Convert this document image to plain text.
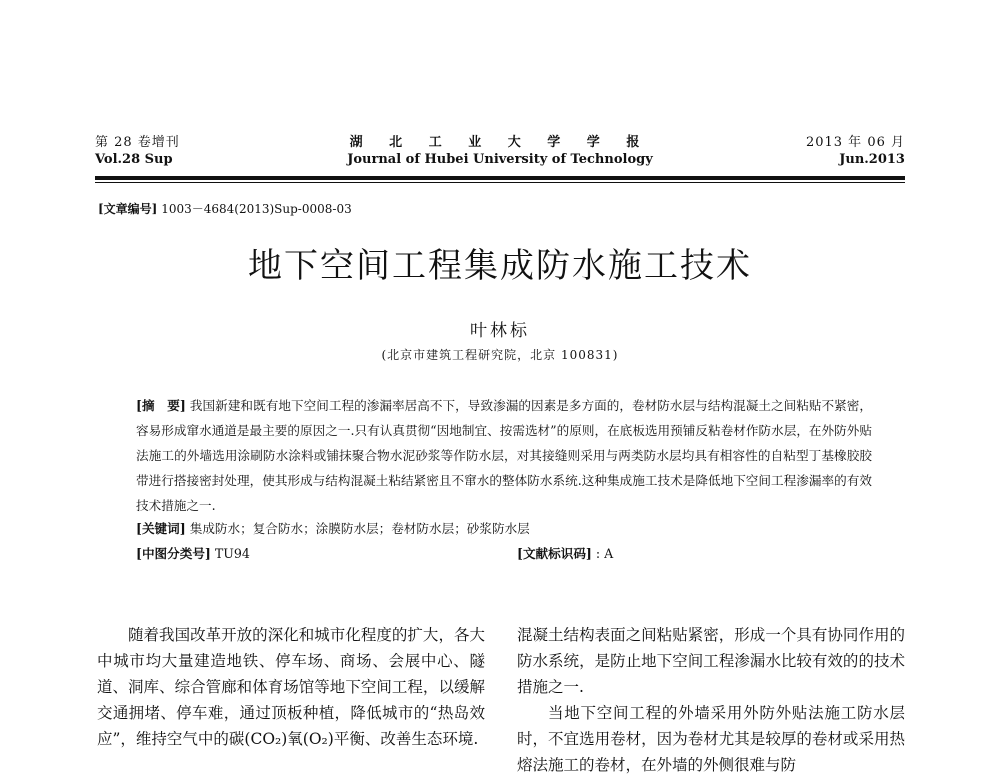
第 28 卷增刊	湖 北 工 业 大 学 学 报	2013 年 06 月
Vol.28 Sup	Journal of Hubei University of Technology	Jun.2013
[文章编号] 1003－4684(2013)Sup-0008-03
地下空间工程集成防水施工技术
叶林标
(北京市建筑工程研究院，北京 100831)
[摘　要] 我国新建和既有地下空间工程的渗漏率居高不下，导致渗漏的因素是多方面的，卷材防水层与结构混凝土之间粘贴不紧密，容易形成窜水通道是最主要的原因之一.只有认真贯彻“因地制宜、按需选材”的原则，在底板选用预铺反粘卷材作防水层，在外防外贴法施工的外墙选用涂刷防水涂料或铺抹聚合物水泥砂浆等作防水层，对其接缝则采用与两类防水层均具有相容性的自粘型丁基橡胶胶带进行搭接密封处理，使其形成与结构混凝土粘结紧密且不窜水的整体防水系统.这种集成施工技术是降低地下空间工程渗漏率的有效技术措施之一.
[关键词] 集成防水；复合防水；涂膜防水层；卷材防水层；砂浆防水层
[中图分类号] TU94	[文献标识码] : A

随着我国改革开放的深化和城市化程度的扩大，各大中城市均大量建造地铁、停车场、商场、会展中心、隧道、洞库、综合管廊和体育场馆等地下空间工程，以缓解交通拥堵、停车难，通过顶板种植，降低城市的“热岛效应”，维持空气中的碳(CO₂)氧(O₂)平衡、改善生态环境.

混凝土结构表面之间粘贴紧密，形成一个具有协同作用的防水系统，是防止地下空间工程渗漏水比较有效的的技术措施之一.

当地下空间工程的外墙采用外防外贴法施工防水层时，不宜选用卷材，因为卷材尤其是较厚的卷材或采用热熔法施工的卷材，在外墙的外侧很难与防
